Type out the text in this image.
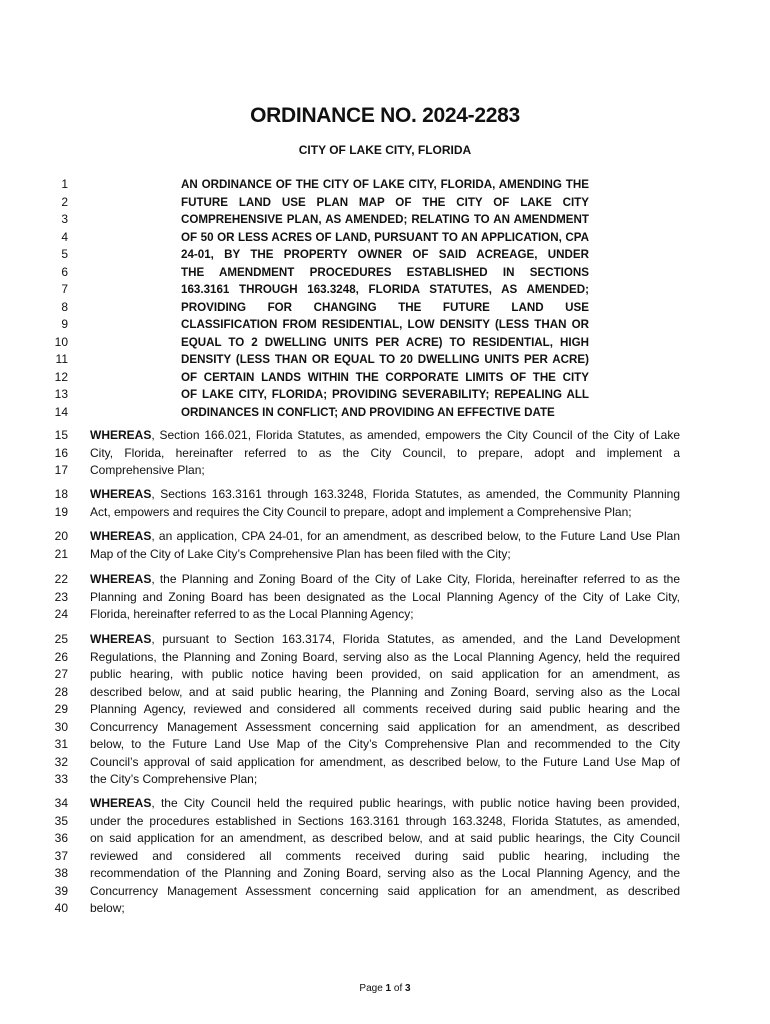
ORDINANCE NO. 2024-2283
CITY OF LAKE CITY, FLORIDA
1
2
3
4
5
6
7
8
9
10
11
12
13
14
AN ORDINANCE OF THE CITY OF LAKE CITY, FLORIDA, AMENDING THE
FUTURE LAND USE PLAN MAP OF THE CITY OF LAKE CITY
COMPREHENSIVE PLAN, AS AMENDED; RELATING TO AN AMENDMENT
OF 50 OR LESS ACRES OF LAND, PURSUANT TO AN APPLICATION, CPA
24-01, BY THE PROPERTY OWNER OF SAID ACREAGE, UNDER
THE AMENDMENT PROCEDURES ESTABLISHED IN SECTIONS
163.3161 THROUGH 163.3248, FLORIDA STATUTES, AS AMENDED;
PROVIDING FOR CHANGING THE FUTURE LAND USE
CLASSIFICATION FROM RESIDENTIAL, LOW DENSITY (LESS THAN OR
EQUAL TO 2 DWELLING UNITS PER ACRE) TO RESIDENTIAL, HIGH
DENSITY (LESS THAN OR EQUAL TO 20 DWELLING UNITS PER ACRE)
OF CERTAIN LANDS WITHIN THE CORPORATE LIMITS OF THE CITY
OF LAKE CITY, FLORIDA; PROVIDING SEVERABILITY; REPEALING ALL
ORDINANCES IN CONFLICT; AND PROVIDING AN EFFECTIVE DATE
WHEREAS, Section 166.021, Florida Statutes, as amended, empowers the City Council of the City of Lake
City, Florida, hereinafter referred to as the City Council, to prepare, adopt and implement a
Comprehensive Plan;
15
16
17
WHEREAS, Sections 163.3161 through 163.3248, Florida Statutes, as amended, the Community Planning
Act, empowers and requires the City Council to prepare, adopt and implement a Comprehensive Plan;
18
19
WHEREAS, an application, CPA 24-01, for an amendment, as described below, to the Future Land Use Plan
Map of the City of Lake City’s Comprehensive Plan has been filed with the City;
20
21
WHEREAS, the Planning and Zoning Board of the City of Lake City, Florida, hereinafter referred to as the
Planning and Zoning Board has been designated as the Local Planning Agency of the City of Lake City,
Florida, hereinafter referred to as the Local Planning Agency;
22
23
24
WHEREAS, pursuant to Section 163.3174, Florida Statutes, as amended, and the Land Development
Regulations, the Planning and Zoning Board, serving also as the Local Planning Agency, held the required
public hearing, with public notice having been provided, on said application for an amendment, as
described below, and at said public hearing, the Planning and Zoning Board, serving also as the Local
Planning Agency, reviewed and considered all comments received during said public hearing and the
Concurrency Management Assessment concerning said application for an amendment, as described
below, to the Future Land Use Map of the City’s Comprehensive Plan and recommended to the City
Council’s approval of said application for amendment, as described below, to the Future Land Use Map of
the City’s Comprehensive Plan;
25
26
27
28
29
30
31
32
33
WHEREAS, the City Council held the required public hearings, with public notice having been provided,
under the procedures established in Sections 163.3161 through 163.3248, Florida Statutes, as amended,
on said application for an amendment, as described below, and at said public hearings, the City Council
reviewed and considered all comments received during said public hearing, including the
recommendation of the Planning and Zoning Board, serving also as the Local Planning Agency, and the
Concurrency Management Assessment concerning said application for an amendment, as described
below;
34
35
36
37
38
39
40
Page 1 of 3
